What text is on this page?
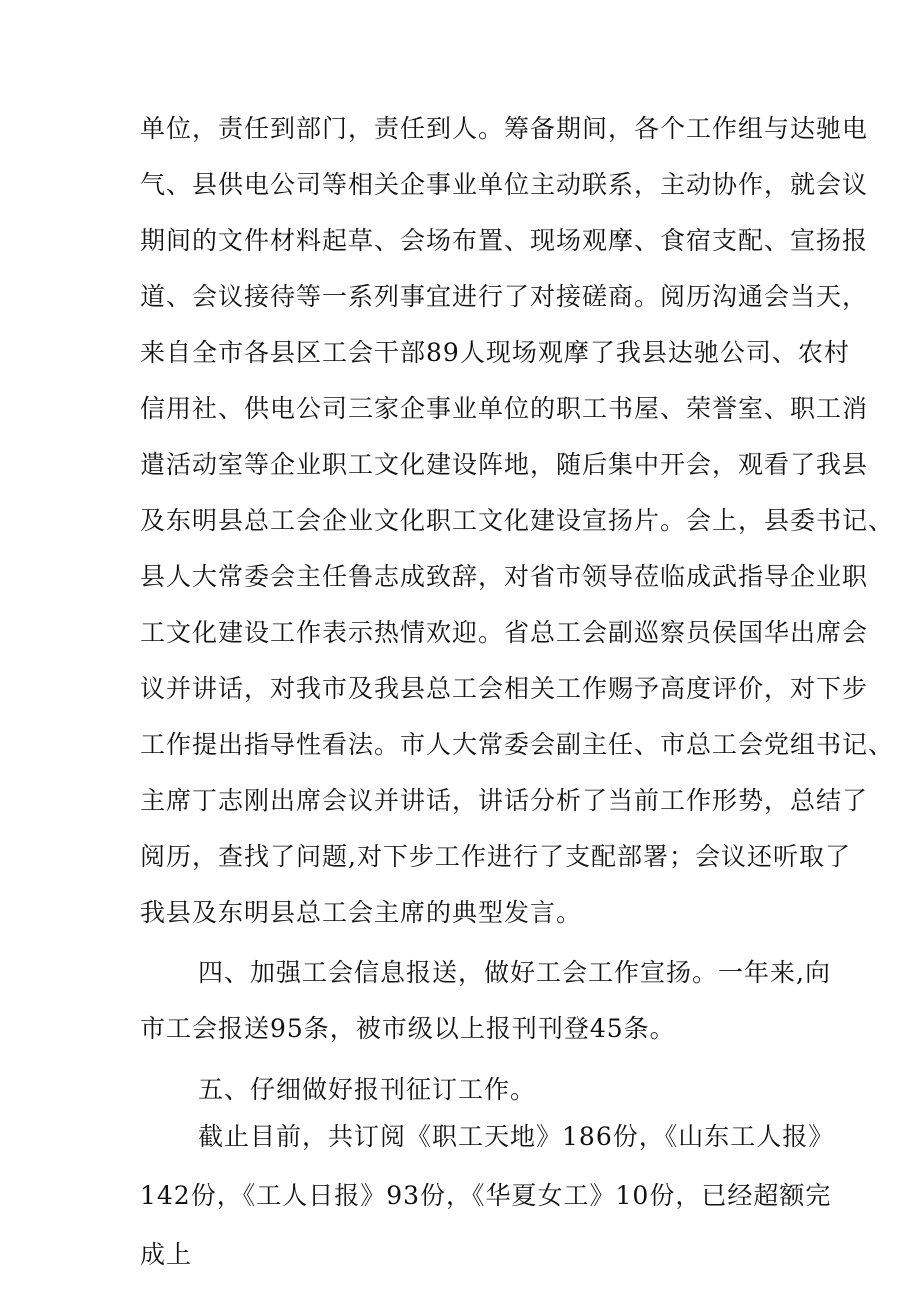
单位，责任到部门，责任到人。筹备期间，各个工作组与达驰电
气、县供电公司等相关企事业单位主动联系，主动协作，就会议
期间的文件材料起草、会场布置、现场观摩、食宿支配、宣扬报
道、会议接待等一系列事宜进行了对接磋商。阅历沟通会当天，
来自全市各县区工会干部89人现场观摩了我县达驰公司、农村
信用社、供电公司三家企事业单位的职工书屋、荣誉室、职工消
遣活动室等企业职工文化建设阵地，随后集中开会，观看了我县
及东明县总工会企业文化职工文化建设宣扬片。会上，县委书记、
县人大常委会主任鲁志成致辞，对省市领导莅临成武指导企业职
工文化建设工作表示热情欢迎。省总工会副巡察员侯国华出席会
议并讲话，对我市及我县总工会相关工作赐予高度评价，对下步
工作提出指导性看法。市人大常委会副主任、市总工会党组书记、
主席丁志刚出席会议并讲话，讲话分析了当前工作形势，总结了
阅历，查找了问题,对下步工作进行了支配部署；会议还听取了
我县及东明县总工会主席的典型发言。
四、加强工会信息报送，做好工会工作宣扬。一年来,向
市工会报送95条，被市级以上报刊刊登45条。
五、仔细做好报刊征订工作。
截止目前，共订阅《职工天地》186份，《山东工人报》
142份，《工人日报》93份，《华夏女工》10份，已经超额完
成上
